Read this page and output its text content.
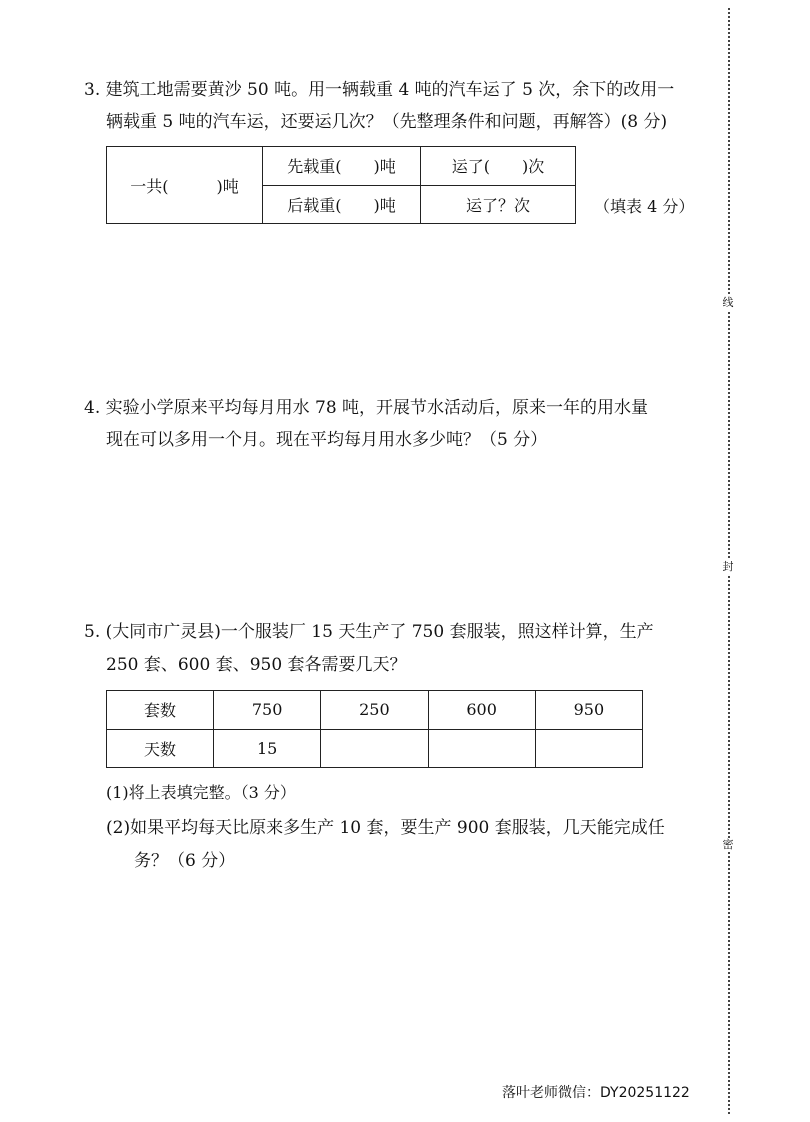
3. 建筑工地需要黄沙 50 吨。用一辆载重 4 吨的汽车运了 5 次，余下的改用一
辆载重 5 吨的汽车运，还要运几次？（先整理条件和问题，再解答）(8 分)
一共(　　　)吨	先载重(　　)吨	运了(　　)次
	后载重(　　)吨	运了？次	（填表 4 分）
4. 实验小学原来平均每月用水 78 吨，开展节水活动后，原来一年的用水量
现在可以多用一个月。现在平均每月用水多少吨？（5 分）
5. (大同市广灵县)一个服装厂 15 天生产了 750 套服装，照这样计算，生产
250 套、600 套、950 套各需要几天？
套数	750	250	600	950
天数	15			
(1)将上表填完整。（3 分）
(2)如果平均每天比原来多生产 10 套，要生产 900 套服装，几天能完成任
务？（6 分）
线
封
密
落叶老师微信：DY20251122
